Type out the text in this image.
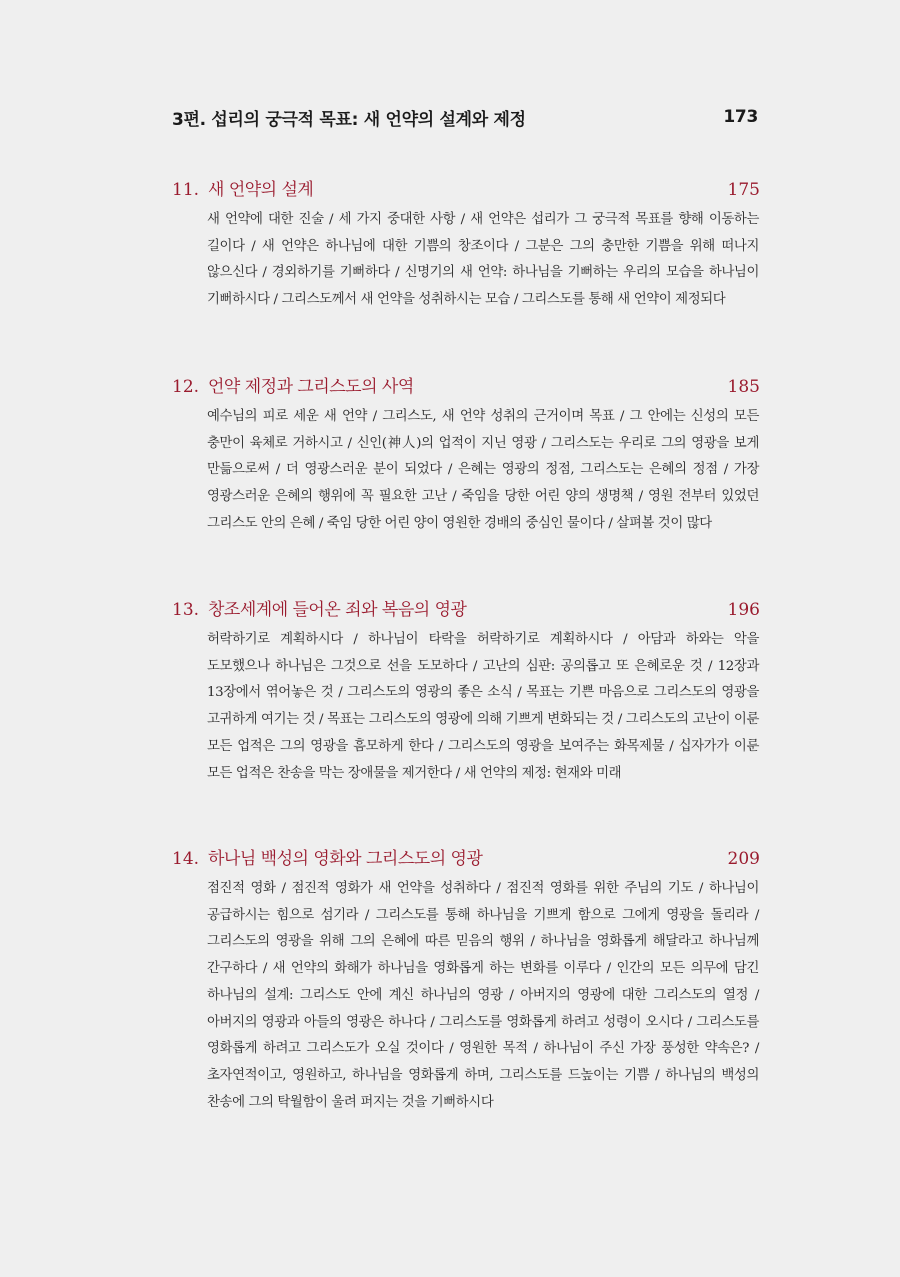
3편. 섭리의 궁극적 목표: 새 언약의 설계와 제정	173
11. 새 언약의 설계	175
새 언약에 대한 진술 / 세 가지 중대한 사항 / 새 언약은 섭리가 그 궁극적 목표를 향해 이동하는 길이다 / 새 언약은 하나님에 대한 기쁨의 창조이다 / 그분은 그의 충만한 기쁨을 위해 떠나지 않으신다 / 경외하기를 기뻐하다 / 신명기의 새 언약: 하나님을 기뻐하는 우리의 모습을 하나님이 기뻐하시다 / 그리스도께서 새 언약을 성취하시는 모습 / 그리스도를 통해 새 언약이 제정되다
12. 언약 제정과 그리스도의 사역	185
예수님의 피로 세운 새 언약 / 그리스도, 새 언약 성취의 근거이며 목표 / 그 안에는 신성의 모든 충만이 육체로 거하시고 / 신인(神人)의 업적이 지닌 영광 / 그리스도는 우리로 그의 영광을 보게 만듦으로써 / 더 영광스러운 분이 되었다 / 은혜는 영광의 정점, 그리스도는 은혜의 정점 / 가장 영광스러운 은혜의 행위에 꼭 필요한 고난 / 죽임을 당한 어린 양의 생명책 / 영원 전부터 있었던 그리스도 안의 은혜 / 죽임 당한 어린 양이 영원한 경배의 중심인 물이다 / 살펴볼 것이 많다
13. 창조세계에 들어온 죄와 복음의 영광	196
허락하기로 계획하시다 / 하나님이 타락을 허락하기로 계획하시다 / 아담과 하와는 악을 도모했으나 하나님은 그것으로 선을 도모하다 / 고난의 심판: 공의롭고 또 은혜로운 것 / 12장과 13장에서 엮어놓은 것 / 그리스도의 영광의 좋은 소식 / 목표는 기쁜 마음으로 그리스도의 영광을 고귀하게 여기는 것 / 목표는 그리스도의 영광에 의해 기쁘게 변화되는 것 / 그리스도의 고난이 이룬 모든 업적은 그의 영광을 흠모하게 한다 / 그리스도의 영광을 보여주는 화목제물 / 십자가가 이룬 모든 업적은 찬송을 막는 장애물을 제거한다 / 새 언약의 제정: 현재와 미래
14. 하나님 백성의 영화와 그리스도의 영광	209
점진적 영화 / 점진적 영화가 새 언약을 성취하다 / 점진적 영화를 위한 주님의 기도 / 하나님이 공급하시는 힘으로 섬기라 / 그리스도를 통해 하나님을 기쁘게 함으로 그에게 영광을 돌리라 / 그리스도의 영광을 위해 그의 은혜에 따른 믿음의 행위 / 하나님을 영화롭게 해달라고 하나님께 간구하다 / 새 언약의 화해가 하나님을 영화롭게 하는 변화를 이루다 / 인간의 모든 의무에 담긴 하나님의 설계: 그리스도 안에 계신 하나님의 영광 / 아버지의 영광에 대한 그리스도의 열정 / 아버지의 영광과 아들의 영광은 하나다 / 그리스도를 영화롭게 하려고 성령이 오시다 / 그리스도를 영화롭게 하려고 그리스도가 오실 것이다 / 영원한 목적 / 하나님이 주신 가장 풍성한 약속은? / 초자연적이고, 영원하고, 하나님을 영화롭게 하며, 그리스도를 드높이는 기쁨 / 하나님의 백성의 찬송에 그의 탁월함이 울려 퍼지는 것을 기뻐하시다
